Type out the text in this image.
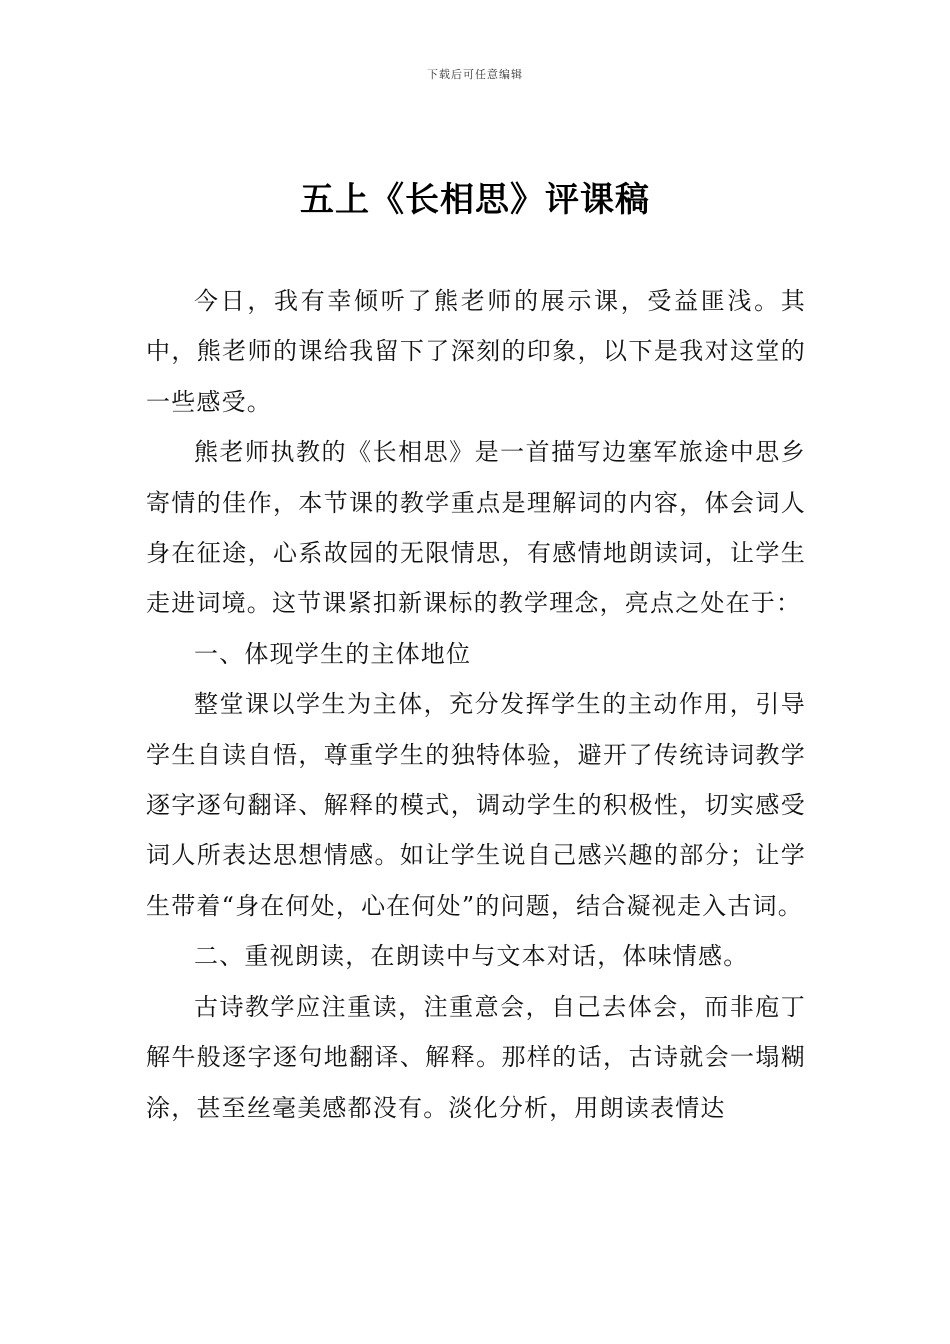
下载后可任意编辑
五上《长相思》评课稿

今日，我有幸倾听了熊老师的展示课，受益匪浅。其中，熊老师的课给我留下了深刻的印象，以下是我对这堂的一些感受。

熊老师执教的《长相思》是一首描写边塞军旅途中思乡寄情的佳作，本节课的教学重点是理解词的内容，体会词人身在征途，心系故园的无限情思，有感情地朗读词，让学生走进词境。这节课紧扣新课标的教学理念，亮点之处在于：

一、体现学生的主体地位

整堂课以学生为主体，充分发挥学生的主动作用，引导学生自读自悟，尊重学生的独特体验，避开了传统诗词教学逐字逐句翻译、解释的模式，调动学生的积极性，切实感受词人所表达思想情感。如让学生说自己感兴趣的部分；让学生带着“身在何处，心在何处”的问题，结合凝视走入古词。

二、重视朗读，在朗读中与文本对话，体味情感。

古诗教学应注重读，注重意会，自己去体会，而非庖丁解牛般逐字逐句地翻译、解释。那样的话，古诗就会一塌糊涂，甚至丝毫美感都没有。淡化分析，用朗读表情达
